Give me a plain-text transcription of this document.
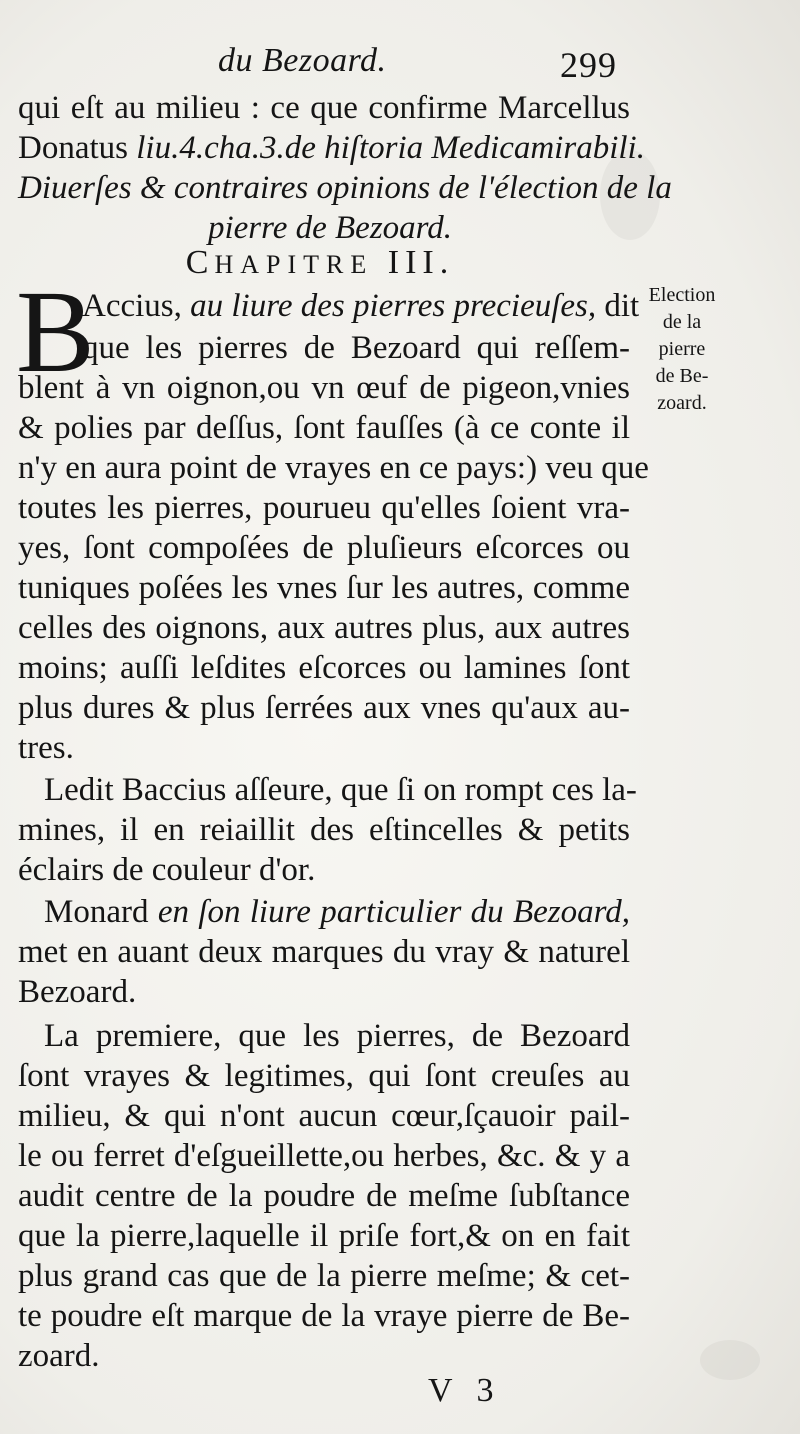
du Bezoard.	299
qui eſt au milieu : ce que confirme Marcellus
Donatus liu.4.cha.3.de hiſtoria Medicamirabili.
Diuerſes & contraires opinions de l'élection de la
pierre de Bezoard.
CHAPITRE III.
B
Accius, au liure des pierres precieuſes, dit
que les pierres de Bezoard qui reſſem-
blent à vn oignon,ou vn œuf de pigeon,vnies
& polies par deſſus, ſont fauſſes (à ce conte il
n'y en aura point de vrayes en ce pays:) veu que
toutes les pierres, pourueu qu'elles ſoient vra-
yes, ſont compoſées de pluſieurs eſcorces ou
tuniques poſées les vnes ſur les autres, comme
celles des oignons, aux autres plus, aux autres
moins; auſſi leſdites eſcorces ou lamines ſont
plus dures & plus ſerrées aux vnes qu'aux au-
tres.
Ledit Baccius aſſeure, que ſi on rompt ces la-
mines, il en reiaillit des eſtincelles & petits
éclairs de couleur d'or.
Monard en ſon liure particulier du Bezoard,
met en auant deux marques du vray & naturel
Bezoard.
La premiere, que les pierres, de Bezoard
ſont vrayes & legitimes, qui ſont creuſes au
milieu, & qui n'ont aucun cœur,ſçauoir pail-
le ou ferret d'eſgueillette,ou herbes, &c. & y a
audit centre de la poudre de meſme ſubſtance
que la pierre,laquelle il priſe fort,& on en fait
plus grand cas que de la pierre meſme; & cet-
te poudre eſt marque de la vraye pierre de Be-
zoard.
Election
de la
pierre
de Be-
zoard.
V 3
